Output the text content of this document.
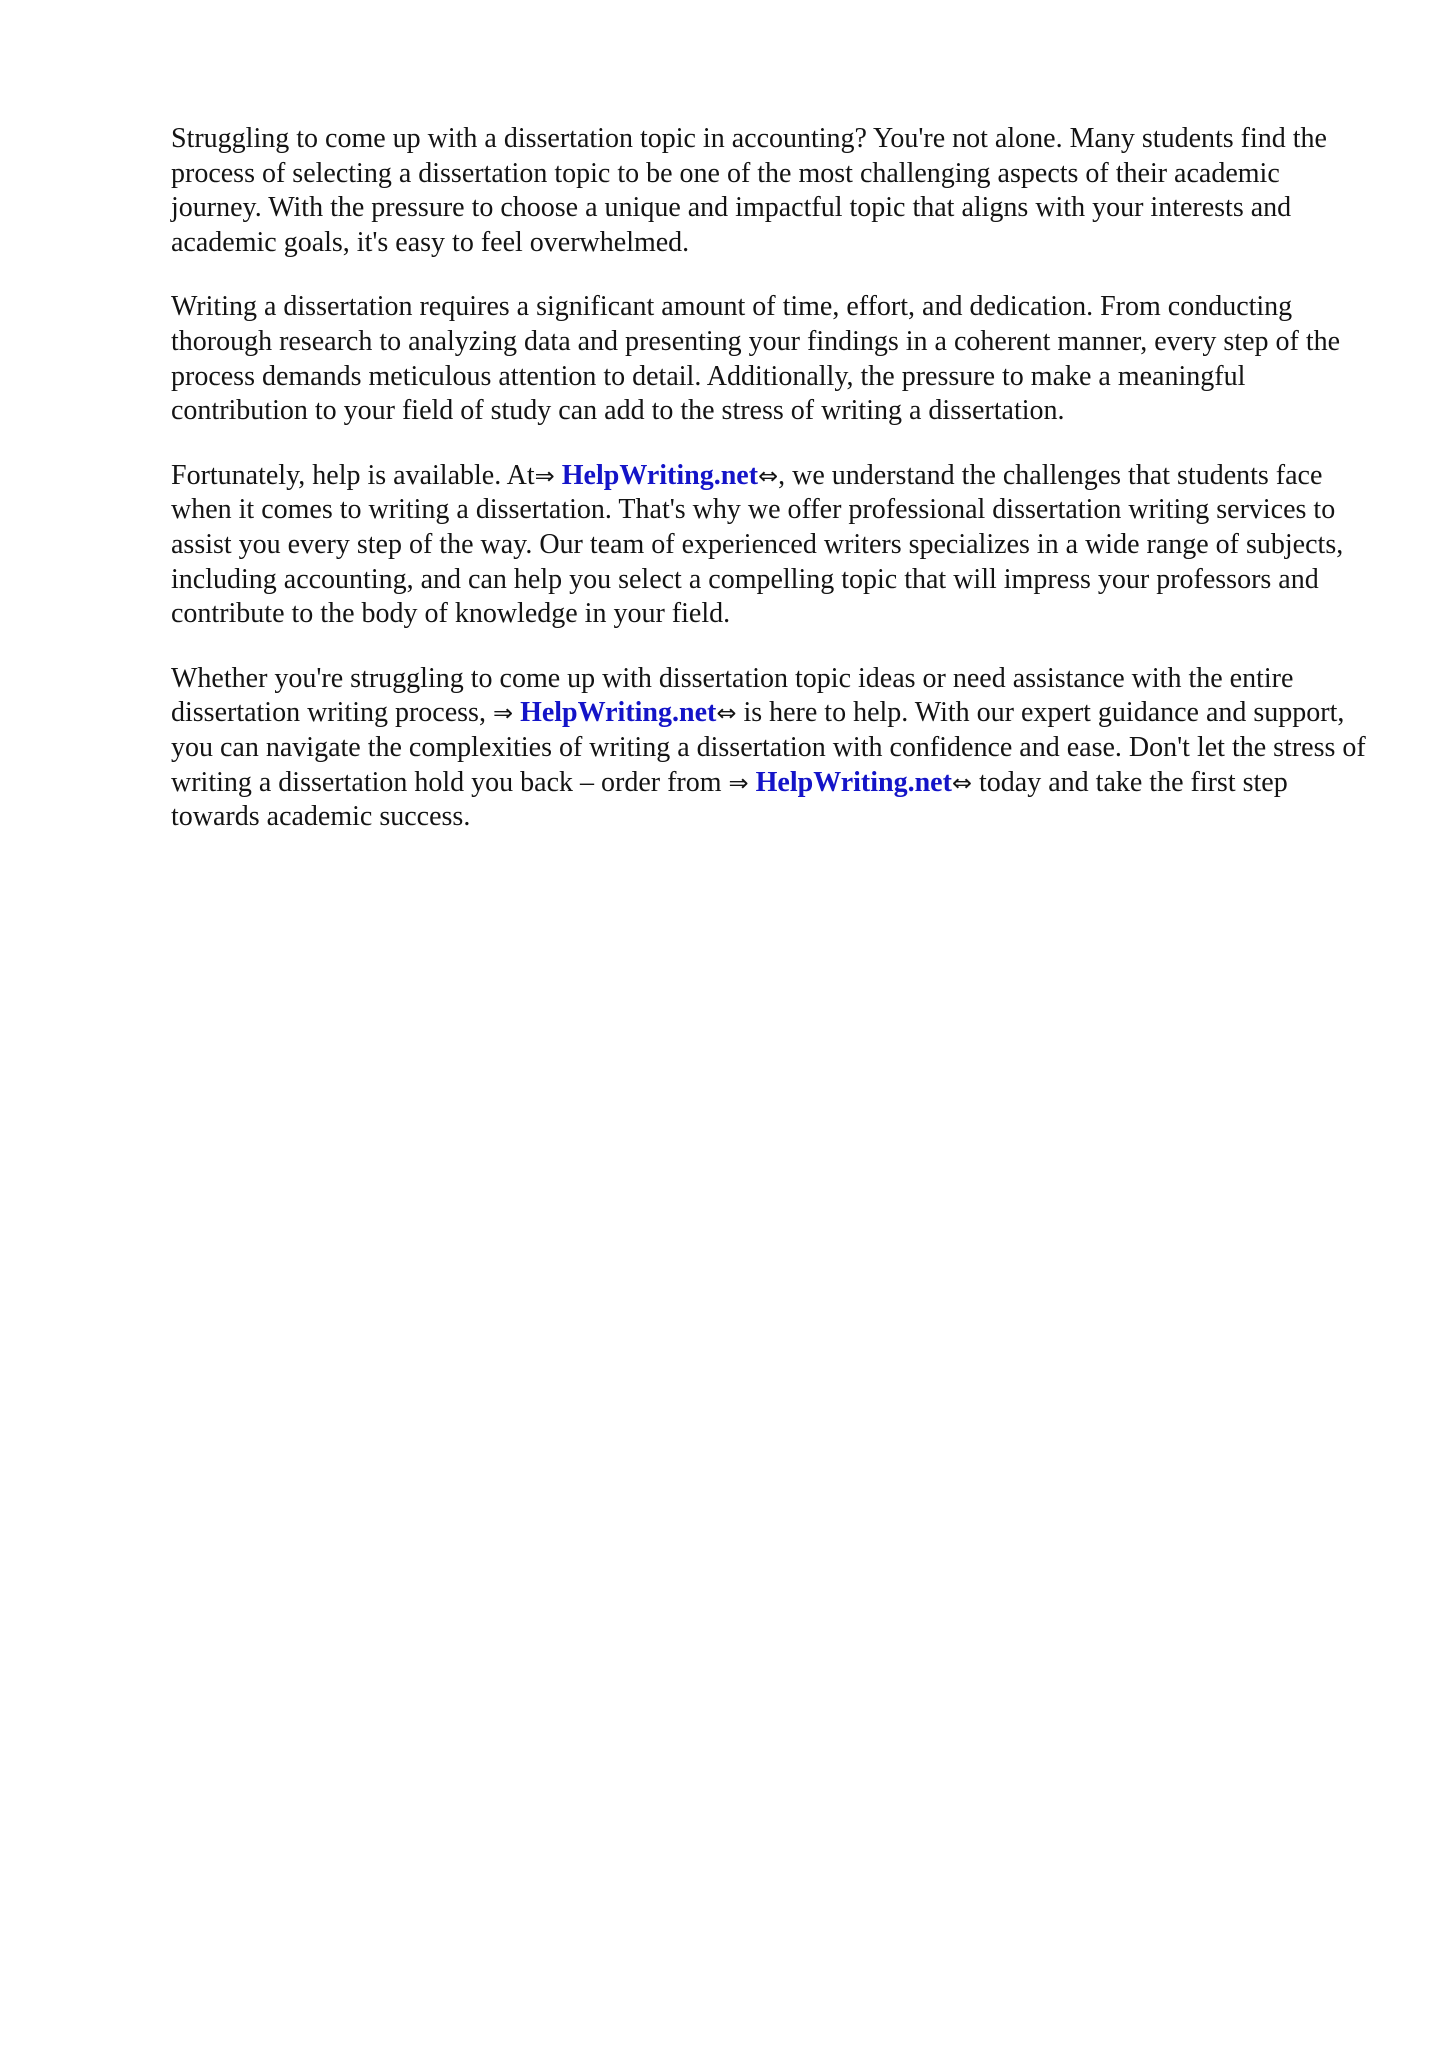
Struggling to come up with a dissertation topic in accounting? You're not alone. Many students find the process of selecting a dissertation topic to be one of the most challenging aspects of their academic journey. With the pressure to choose a unique and impactful topic that aligns with your interests and academic goals, it's easy to feel overwhelmed.

Writing a dissertation requires a significant amount of time, effort, and dedication. From conducting thorough research to analyzing data and presenting your findings in a coherent manner, every step of the process demands meticulous attention to detail. Additionally, the pressure to make a meaningful contribution to your field of study can add to the stress of writing a dissertation.

Fortunately, help is available. At⇒ HelpWriting.net⇔, we understand the challenges that students face when it comes to writing a dissertation. That's why we offer professional dissertation writing services to assist you every step of the way. Our team of experienced writers specializes in a wide range of subjects, including accounting, and can help you select a compelling topic that will impress your professors and contribute to the body of knowledge in your field.

Whether you're struggling to come up with dissertation topic ideas or need assistance with the entire dissertation writing process, ⇒ HelpWriting.net⇔ is here to help. With our expert guidance and support, you can navigate the complexities of writing a dissertation with confidence and ease. Don't let the stress of writing a dissertation hold you back – order from ⇒ HelpWriting.net⇔ today and take the first step towards academic success.
